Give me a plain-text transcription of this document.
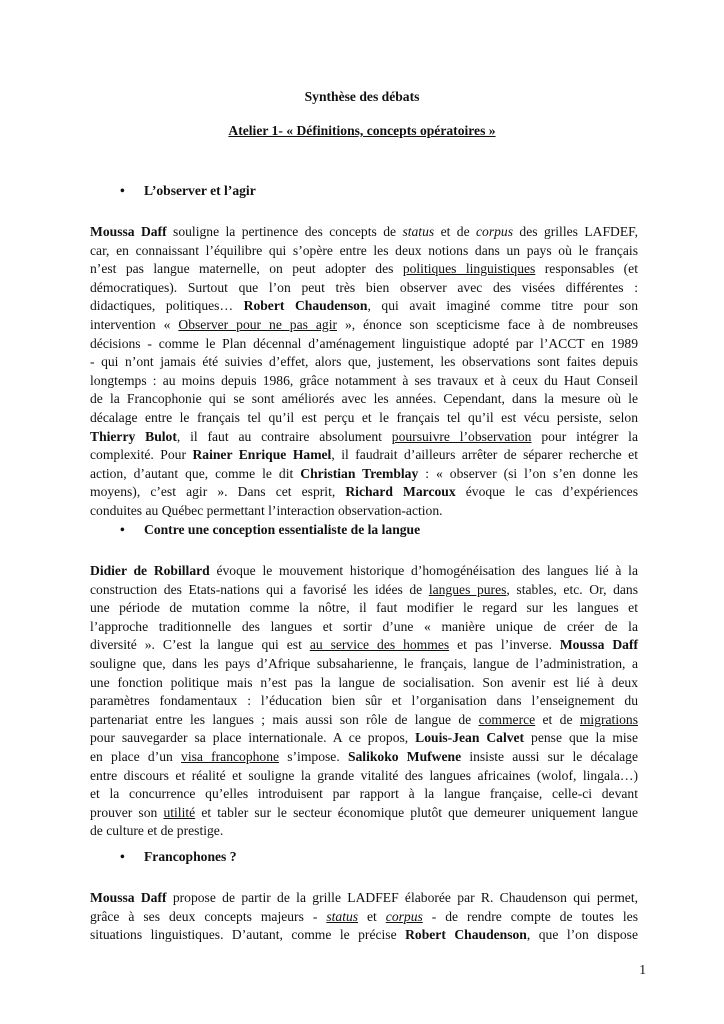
Synthèse des débats
Atelier 1- « Définitions, concepts opératoires »
• L’observer et l’agir
Moussa Daff souligne la pertinence des concepts de status et de corpus des grilles LAFDEF,
car, en connaissant l’équilibre qui s’opère entre les deux notions dans un pays où le français
n’est pas langue maternelle, on peut adopter des politiques linguistiques responsables (et
démocratiques). Surtout que l’on peut très bien observer avec des visées différentes :
didactiques, politiques… Robert Chaudenson, qui avait imaginé comme titre pour son
intervention « Observer pour ne pas agir », énonce son scepticisme face à de nombreuses
décisions - comme le Plan décennal d’aménagement linguistique adopté par l’ACCT en 1989
- qui n’ont jamais été suivies d’effet, alors que, justement, les observations sont faites depuis
longtemps : au moins depuis 1986, grâce notamment à ses travaux et à ceux du Haut Conseil
de la Francophonie qui se sont améliorés avec les années. Cependant, dans la mesure où le
décalage entre le français tel qu’il est perçu et le français tel qu’il est vécu persiste, selon
Thierry Bulot, il faut au contraire absolument poursuivre l’observation pour intégrer la
complexité. Pour Rainer Enrique Hamel, il faudrait d’ailleurs arrêter de séparer recherche et
action, d’autant que, comme le dit Christian Tremblay : « observer (si l’on s’en donne les
moyens), c’est agir ». Dans cet esprit, Richard Marcoux évoque le cas d’expériences
conduites au Québec permettant l’interaction observation-action.
• Contre une conception essentialiste de la langue
Didier de Robillard évoque le mouvement historique d’homogénéisation des langues lié à la
construction des Etats-nations qui a favorisé les idées de langues pures, stables, etc. Or, dans
une période de mutation comme la nôtre, il faut modifier le regard sur les langues et
l’approche traditionnelle des langues et sortir d’une « manière unique de créer de la
diversité ». C’est la langue qui est au service des hommes et pas l’inverse. Moussa Daff
souligne que, dans les pays d’Afrique subsaharienne, le français, langue de l’administration, a
une fonction politique mais n’est pas la langue de socialisation. Son avenir est lié à deux
paramètres fondamentaux : l’éducation bien sûr et l’organisation dans l’enseignement du
partenariat entre les langues ; mais aussi son rôle de langue de commerce et de migrations
pour sauvegarder sa place internationale. A ce propos, Louis-Jean Calvet pense que la mise
en place d’un visa francophone s’impose. Salikoko Mufwene insiste aussi sur le décalage
entre discours et réalité et souligne la grande vitalité des langues africaines (wolof, lingala…)
et la concurrence qu’elles introduisent par rapport à la langue française, celle-ci devant
prouver son utilité et tabler sur le secteur économique plutôt que demeurer uniquement langue
de culture et de prestige.
• Francophones ?
Moussa Daff propose de partir de la grille LADFEF élaborée par R. Chaudenson qui permet,
grâce à ses deux concepts majeurs - status et corpus - de rendre compte de toutes les
situations linguistiques. D’autant, comme le précise Robert Chaudenson, que l’on dispose
1
